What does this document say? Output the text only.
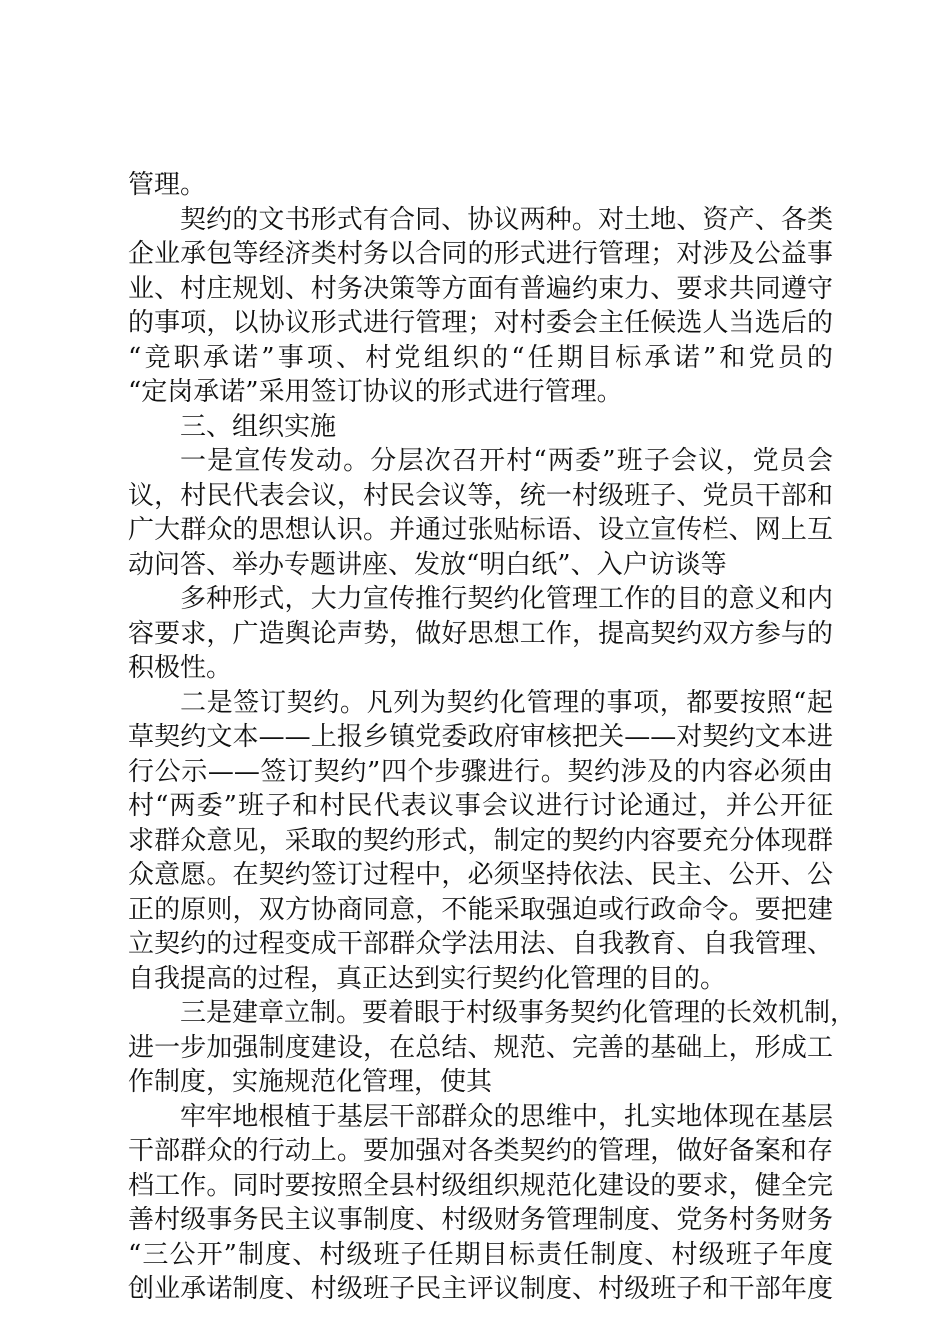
管理。
契约的文书形式有合同、协议两种。对土地、资产、各类
企业承包等经济类村务以合同的形式进行管理；对涉及公益事
业、村庄规划、村务决策等方面有普遍约束力、要求共同遵守
的事项，以协议形式进行管理；对村委会主任候选人当选后的
“竞职承诺”事项、村党组织的“任期目标承诺”和党员的
“定岗承诺”采用签订协议的形式进行管理。
三、组织实施
一是宣传发动。分层次召开村“两委”班子会议，党员会
议，村民代表会议，村民会议等，统一村级班子、党员干部和
广大群众的思想认识。并通过张贴标语、设立宣传栏、网上互
动问答、举办专题讲座、发放“明白纸”、入户访谈等
多种形式，大力宣传推行契约化管理工作的目的意义和内
容要求，广造舆论声势，做好思想工作，提高契约双方参与的
积极性。
二是签订契约。凡列为契约化管理的事项，都要按照“起
草契约文本——上报乡镇党委政府审核把关——对契约文本进
行公示——签订契约”四个步骤进行。契约涉及的内容必须由
村“两委”班子和村民代表议事会议进行讨论通过，并公开征
求群众意见，采取的契约形式，制定的契约内容要充分体现群
众意愿。在契约签订过程中，必须坚持依法、民主、公开、公
正的原则，双方协商同意，不能采取强迫或行政命令。要把建
立契约的过程变成干部群众学法用法、自我教育、自我管理、
自我提高的过程，真正达到实行契约化管理的目的。
三是建章立制。要着眼于村级事务契约化管理的长效机制，
进一步加强制度建设，在总结、规范、完善的基础上，形成工
作制度，实施规范化管理，使其
牢牢地根植于基层干部群众的思维中，扎实地体现在基层
干部群众的行动上。要加强对各类契约的管理，做好备案和存
档工作。同时要按照全县村级组织规范化建设的要求，健全完
善村级事务民主议事制度、村级财务管理制度、党务村务财务
“三公开”制度、村级班子任期目标责任制度、村级班子年度
创业承诺制度、村级班子民主评议制度、村级班子和干部年度
